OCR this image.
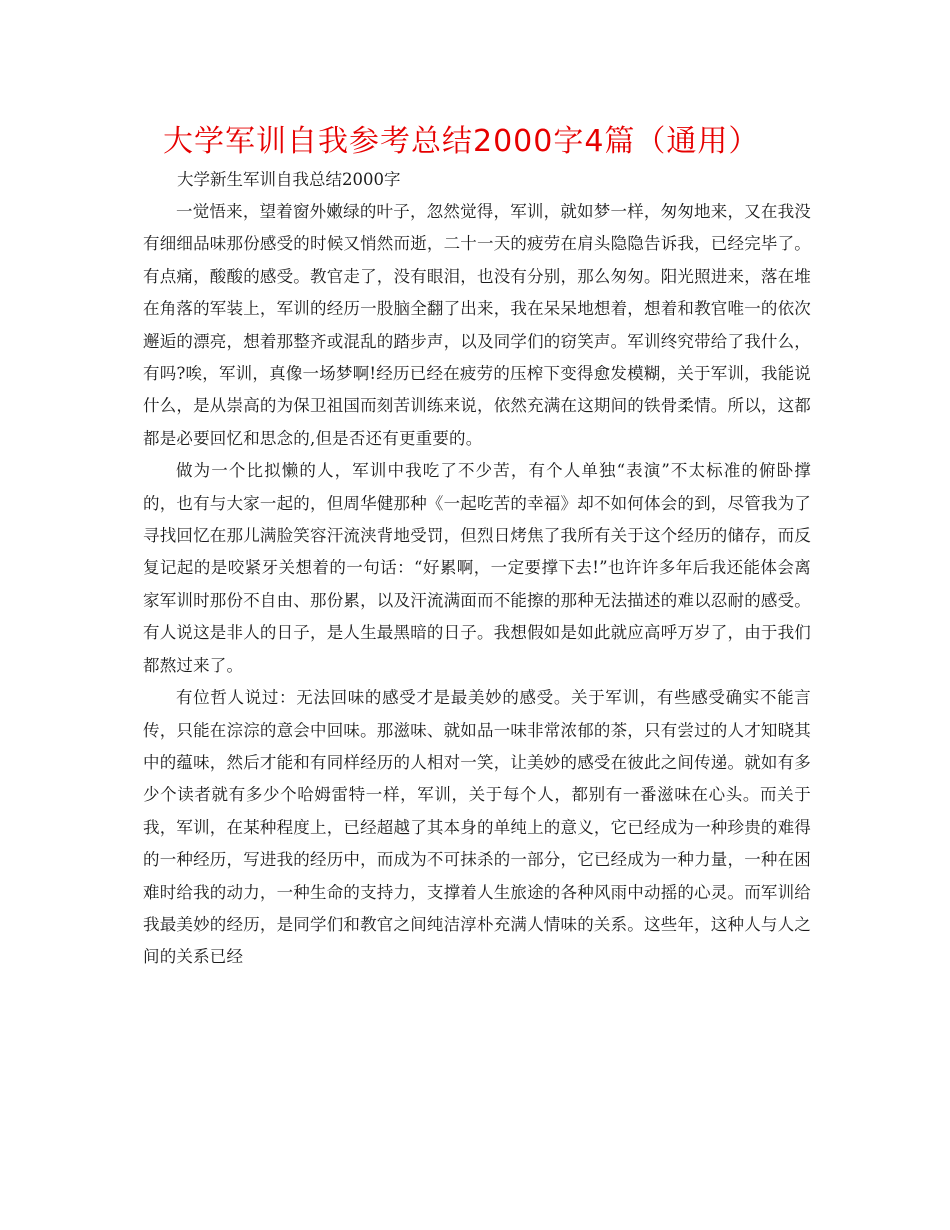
大学军训自我参考总结2000字4篇（通用）

大学新生军训自我总结2000字

一觉悟来，望着窗外嫩绿的叶子，忽然觉得，军训，就如梦一样，匆匆地来，又在我没有细细品味那份感受的时候又悄然而逝，二十一天的疲劳在肩头隐隐告诉我，已经完毕了。有点痛，酸酸的感受。教官走了，没有眼泪，也没有分别，那么匆匆。阳光照进来，落在堆在角落的军装上，军训的经历一股脑全翻了出来，我在呆呆地想着，想着和教官唯一的依次邂逅的漂亮，想着那整齐或混乱的踏步声，以及同学们的窃笑声。军训终究带给了我什么，有吗?唉，军训，真像一场梦啊!经历已经在疲劳的压榨下变得愈发模糊，关于军训，我能说什么，是从崇高的为保卫祖国而刻苦训练来说，依然充满在这期间的铁骨柔情。所以，这都都是必要回忆和思念的,但是否还有更重要的。

做为一个比拟懒的人，军训中我吃了不少苦，有个人单独“表演”不太标准的俯卧撑的，也有与大家一起的，但周华健那种《一起吃苦的幸福》却不如何体会的到，尽管我为了寻找回忆在那儿满脸笑容汗流浃背地受罚，但烈日烤焦了我所有关于这个经历的储存，而反复记起的是咬紧牙关想着的一句话：“好累啊，一定要撑下去!”也许许多年后我还能体会离家军训时那份不自由、那份累，以及汗流满面而不能擦的那种无法描述的难以忍耐的感受。有人说这是非人的日子，是人生最黑暗的日子。我想假如是如此就应高呼万岁了，由于我们都熬过来了。

有位哲人说过：无法回味的感受才是最美妙的感受。关于军训，有些感受确实不能言传，只能在淙淙的意会中回味。那滋味、就如品一味非常浓郁的茶，只有尝过的人才知晓其中的蕴味，然后才能和有同样经历的人相对一笑，让美妙的感受在彼此之间传递。就如有多少个读者就有多少个哈姆雷特一样，军训，关于每个人，都别有一番滋味在心头。而关于我，军训，在某种程度上，已经超越了其本身的单纯上的意义，它已经成为一种珍贵的难得的一种经历，写进我的经历中，而成为不可抹杀的一部分，它已经成为一种力量，一种在困难时给我的动力，一种生命的支持力，支撑着人生旅途的各种风雨中动摇的心灵。而军训给我最美妙的经历，是同学们和教官之间纯洁淳朴充满人情味的关系。这些年，这种人与人之间的关系已经
